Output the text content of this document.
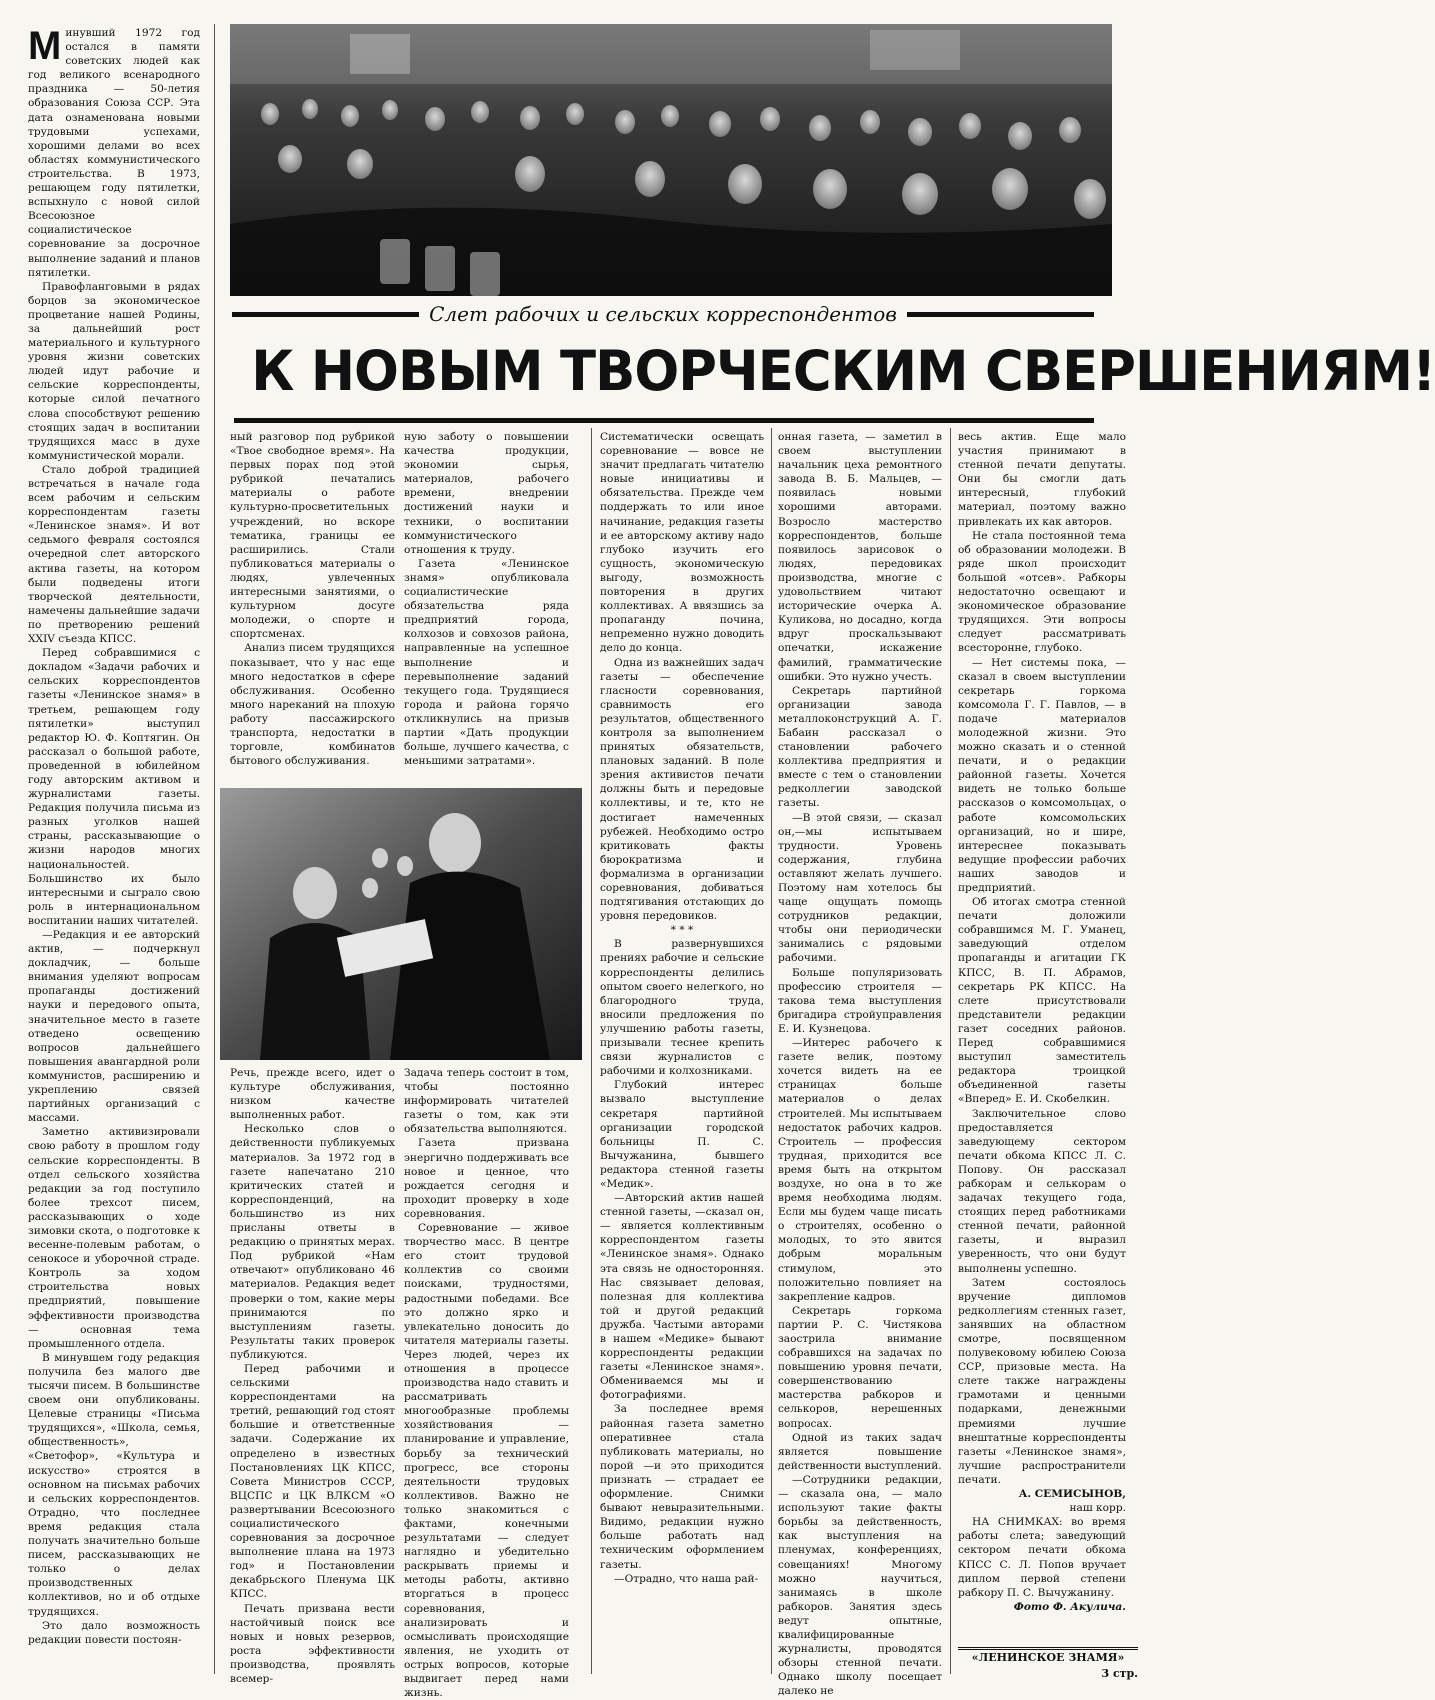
М инувший 1972 год остался в памяти советских людей как год великого всенародного праздника — 50-летия образования Союза ССР. Эта дата ознаменована новыми трудовыми успехами, хорошими делами во всех областях коммунистического строительства. В 1973, решающем году пятилетки, вспыхнуло с новой силой Всесоюзное социалистическое соревнование за досрочное выполнение заданий и планов пятилетки.

Правофланговыми в рядах борцов за экономическое процветание нашей Родины, за дальнейший рост материального и культурного уровня жизни советских людей идут рабочие и сельские корреспонденты, которые силой печатного слова способствуют решению стоящих задач в воспитании трудящихся масс в духе коммунистической морали.

Стало доброй традицией встречаться в начале года всем рабочим и сельским корреспондентам газеты «Ленинское знамя». И вот седьмого февраля состоялся очередной слет авторского актива газеты, на котором были подведены итоги творческой деятельности, намечены дальнейшие задачи по претворению решений XXIV съезда КПСС.

Перед собравшимися с докладом «Задачи рабочих и сельских корреспондентов газеты «Ленинское знамя» в третьем, решающем году пятилетки» выступил редактор Ю. Ф. Коптягин. Он рассказал о большой работе, проведенной в юбилейном году авторским активом и журналистами газеты. Редакция получила письма из разных уголков нашей страны, рассказывающие о жизни народов многих национальностей. Большинство их было интересными и сыграло свою роль в интернациональном воспитании наших читателей.

—Редакция и ее авторский актив, — подчеркнул докладчик, — больше внимания уделяют вопросам пропаганды достижений науки и передового опыта, значительное место в газете отведено освещению вопросов дальнейшего повышения авангардной роли коммунистов, расширению и укреплению связей партийных организаций с массами.

Заметно активизировали свою работу в прошлом году сельские корреспонденты. В отдел сельского хозяйства редакции за год поступило более трехсот писем, рассказывающих о ходе зимовки скота, о подготовке к весенне-полевым работам, о сенокосе и уборочной страде. Контроль за ходом строительства новых предприятий, повышение эффективности производства — основная тема промышленного отдела.

В минувшем году редакция получила без малого две тысячи писем. В большинстве своем они опубликованы. Целевые страницы «Письма трудящихся», «Школа, семья, общественность», «Светофор», «Культура и искусство» строятся в основном на письмах рабочих и сельских корреспондентов. Отрадно, что последнее время редакция стала получать значительно больше писем, рассказывающих не только о делах производственных коллективов, но и об отдыхе трудящихся.

Это дало возможность редакции повести постоян-

Слет рабочих и сельских корреспондентов
К НОВЫМ ТВОРЧЕСКИМ СВЕРШЕНИЯМ!

ный разговор под рубрикой «Твое свободное время». На первых порах под этой рубрикой печатались материалы о работе культурно-просветительных учреждений, но вскоре тематика, границы ее расширились. Стали публиковаться материалы о людях, увлеченных интересными занятиями, о культурном досуге молодежи, о спорте и спортсменах.

Анализ писем трудящихся показывает, что у нас еще много недостатков в сфере обслуживания. Особенно много нареканий на плохую работу пассажирского транспорта, недостатки в торговле, комбинатов бытового обслуживания.

ную заботу о повышении качества продукции, экономии сырья, материалов, рабочего времени, внедрении достижений науки и техники, о воспитании коммунистического отношения к труду.

Газета «Ленинское знамя» опубликовала социалистические обязательства ряда предприятий города, колхозов и совхозов района, направленные на успешное выполнение и перевыполнение заданий текущего года. Трудящиеся города и района горячо откликнулись на призыв партии «Дать продукции больше, лучшего качества, с меньшими затратами».

Речь, прежде всего, идет о культуре обслуживания, низком качестве выполненных работ.

Несколько слов о действенности публикуемых материалов. За 1972 год в газете напечатано 210 критических статей и корреспонденций, на большинство из них присланы ответы в редакцию о принятых мерах. Под рубрикой «Нам отвечают» опубликовано 46 материалов. Редакция ведет проверки о том, какие меры принимаются по выступлениям газеты. Результаты таких проверок публикуются.

Перед рабочими и сельскими корреспондентами на третий, решающий год стоят большие и ответственные задачи. Содержание их определено в известных Постановлениях ЦК КПСС, Совета Министров СССР, ВЦСПС и ЦК ВЛКСМ «О развертывании Всесоюзного социалистического соревнования за досрочное выполнение плана на 1973 год» и Постановлении декабрьского Пленума ЦК КПСС.

Печать призвана вести настойчивый поиск все новых и новых резервов, роста эффективности производства, проявлять всемер-

Задача теперь состоит в том, чтобы постоянно информировать читателей газеты о том, как эти обязательства выполняются.

Газета призвана энергично поддерживать все новое и ценное, что рождается сегодня и проходит проверку в ходе соревнования.

Соревнование — живое творчество масс. В центре его стоит трудовой коллектив со своими поисками, трудностями, радостными победами. Все это должно ярко и увлекательно доносить до читателя материалы газеты. Через людей, через их отношения в процессе производства надо ставить и рассматривать многообразные проблемы хозяйствования — планирование и управление, борьбу за технический прогресс, все стороны деятельности трудовых коллективов. Важно не только знакомиться с фактами, конечными результатами — следует наглядно и убедительно раскрывать приемы и методы работы, активно вторгаться в процесс соревнования, анализировать и осмысливать происходящие явления, не уходить от острых вопросов, которые выдвигает перед нами жизнь.

Систематически освещать соревнование — вовсе не значит предлагать читателю новые инициативы и обязательства. Прежде чем поддержать то или иное начинание, редакция газеты и ее авторскому активу надо глубоко изучить его сущность, экономическую выгоду, возможность повторения в других коллективах. А ввязшись за пропаганду почина, непременно нужно доводить дело до конца.

Одна из важнейших задач газеты — обеспечение гласности соревнования, сравнимость его результатов, общественного контроля за выполнением принятых обязательств, плановых заданий. В поле зрения активистов печати должны быть и передовые коллективы, и те, кто не достигает намеченных рубежей. Необходимо остро критиковать факты бюрократизма и формализма в организации соревнования, добиваться подтягивания отстающих до уровня передовиков.

* * *

В развернувшихся прениях рабочие и сельские корреспонденты делились опытом своего нелегкого, но благородного труда, вносили предложения по улучшению работы газеты, призывали теснее крепить связи журналистов с рабочими и колхозниками.

Глубокий интерес вызвало выступление секретаря партийной организации городской больницы П. С. Вычужанина, бывшего редактора стенной газеты «Медик».

—Авторский актив нашей стенной газеты, —сказал он, — является коллективным корреспондентом газеты «Ленинское знамя». Однако эта связь не односторонняя. Нас связывает деловая, полезная для коллектива той и другой редакций дружба. Частыми авторами в нашем «Медике» бывают корреспонденты редакции газеты «Ленинское знамя». Обмениваемся мы и фотографиями.

За последнее время районная газета заметно оперативнее стала публиковать материалы, но порой —и это приходится признать — страдает ее оформление. Снимки бывают невыразительными. Видимо, редакции нужно больше работать над техническим оформлением газеты.

—Отрадно, что наша рай-

онная газета, — заметил в своем выступлении начальник цеха ремонтного завода В. Б. Мальцев, —появилась новыми хорошими авторами. Возросло мастерство корреспондентов, больше появилось зарисовок о людях, передовиках производства, многие с удовольствием читают исторические очерка А. Куликова, но досадно, когда вдруг проскальзывают опечатки, искажение фамилий, грамматические ошибки. Это нужно учесть.

Секретарь партийной организации завода металлоконструкций А. Г. Бабаин рассказал о становлении рабочего коллектива предприятия и вместе с тем о становлении редколлегии заводской газеты.

—В этой связи, — сказал он,—мы испытываем трудности. Уровень содержания, глубина оставляют желать лучшего. Поэтому нам хотелось бы чаще ощущать помощь сотрудников редакции, чтобы они периодически занимались с рядовыми рабочими.

Больше популяризовать профессию строителя — такова тема выступления бригадира стройуправления Е. И. Кузнецова.

—Интерес рабочего к газете велик, поэтому хочется видеть на ее страницах больше материалов о делах строителей. Мы испытываем недостаток рабочих кадров. Строитель — профессия трудная, приходится все время быть на открытом воздухе, но она в то же время необходима людям. Если мы будем чаще писать о строителях, особенно о молодых, то это явится добрым моральным стимулом, это положительно повлияет на закрепление кадров.

Секретарь горкома партии Р. С. Чистякова заострила внимание собравшихся на задачах по повышению уровня печати, совершенствованию мастерства рабкоров и селькоров, нерешенных вопросах.

Одной из таких задач является повышение действенности выступлений.

—Сотрудники редакции, — сказала она, — мало используют такие факты борьбы за действенность, как выступления на пленумах, конференциях, совещаниях! Многому можно научиться, занимаясь в школе рабкоров. Занятия здесь ведут опытные, квалифицированные журналисты, проводятся обзоры стенной печати. Однако школу посещает далеко не

весь актив. Еще мало участия принимают в стенной печати депутаты. Они бы смогли дать интересный, глубокий материал, поэтому важно привлекать их как авторов.

Не стала постоянной тема об образовании молодежи. В ряде школ происходит большой «отсев». Рабкоры недостаточно освещают и экономическое образование трудящихся. Эти вопросы следует рассматривать всесторонне, глубоко.

— Нет системы пока, — сказал в своем выступлении секретарь горкома комсомола Г. Г. Павлов, — в подаче материалов молодежной жизни. Это можно сказать и о стенной печати, и о редакции районной газеты. Хочется видеть не только больше рассказов о комсомольцах, о работе комсомольских организаций, но и шире, интереснее показывать ведущие профессии рабочих наших заводов и предприятий.

Об итогах смотра стенной печати доложили собравшимся М. Г. Уманец, заведующий отделом пропаганды и агитации ГК КПСС, В. П. Абрамов, секретарь РК КПСС. На слете присутствовали представители редакции газет соседних районов. Перед собравшимися выступил заместитель редактора троицкой объединенной газеты «Вперед» Е. И. Скобелкин.

Заключительное слово предоставляется заведующему сектором печати обкома КПСС Л. С. Попову. Он рассказал рабкорам и селькорам о задачах текущего года, стоящих перед работниками стенной печати, районной газеты, и выразил уверенность, что они будут выполнены успешно.

Затем состоялось вручение дипломов редколлегиям стенных газет, занявших на областном смотре, посвященном полувековому юбилею Союза ССР, призовые места. На слете также награждены грамотами и ценными подарками, денежными премиями лучшие внештатные корреспонденты газеты «Ленинское знамя», лучшие распространители печати.

А. СЕМИСЫНОВ,

наш корр.

НА СНИМКАХ: во время работы слета; заведующий сектором печати обкома КПСС С. Л. Попов вручает диплом первой степени рабкору П. С. Вычужанину.

Фото Ф. Акулича.

«ЛЕНИНСКОЕ ЗНАМЯ»
3 стр.
